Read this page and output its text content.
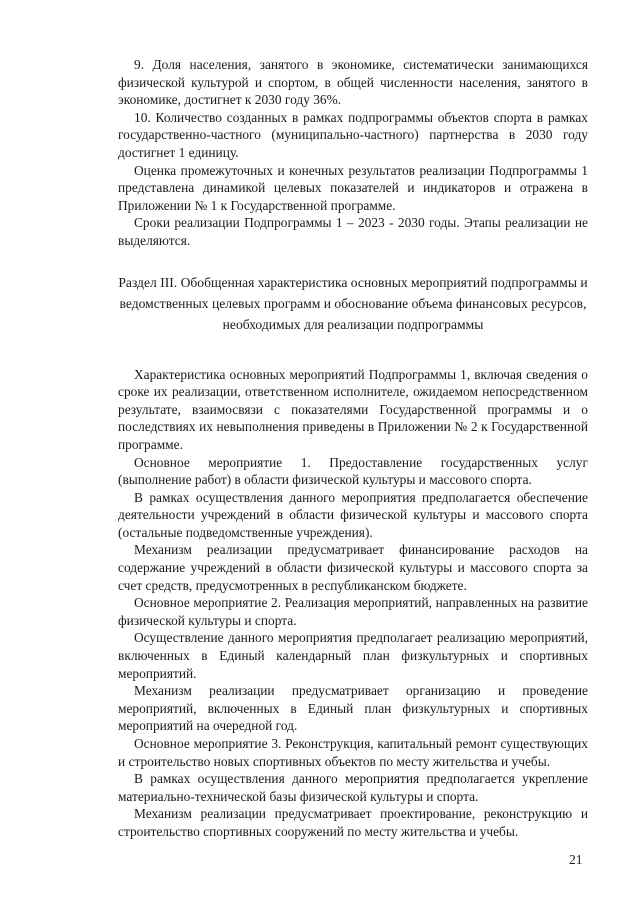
9. Доля населения, занятого в экономике, систематически занимающихся физической культурой и спортом, в общей численности населения, занятого в экономике, достигнет к 2030 году 36%.

10. Количество созданных в рамках подпрограммы объектов спорта в рамках государственно-частного (муниципально-частного) партнерства в 2030 году достигнет 1 единицу.

Оценка промежуточных и конечных результатов реализации Подпрограммы 1 представлена динамикой целевых показателей и индикаторов и отражена в Приложении № 1 к Государственной программе.

Сроки реализации Подпрограммы 1 – 2023 - 2030 годы. Этапы реализации не выделяются.

Раздел III. Обобщенная характеристика основных мероприятий подпрограммы и ведомственных целевых программ и обоснование объема финансовых ресурсов, необходимых для реализации подпрограммы

Характеристика основных мероприятий Подпрограммы 1, включая сведения о сроке их реализации, ответственном исполнителе, ожидаемом непосредственном результате, взаимосвязи с показателями Государственной программы и о последствиях их невыполнения приведены в Приложении № 2 к Государственной программе.

Основное мероприятие 1. Предоставление государственных услуг (выполнение работ) в области физической культуры и массового спорта.

В рамках осуществления данного мероприятия предполагается обеспечение деятельности учреждений в области физической культуры и массового спорта (остальные подведомственные учреждения).

Механизм реализации предусматривает финансирование расходов на содержание учреждений в области физической культуры и массового спорта за счет средств, предусмотренных в республиканском бюджете.

Основное мероприятие 2. Реализация мероприятий, направленных на развитие физической культуры и спорта.

Осуществление данного мероприятия предполагает реализацию мероприятий, включенных в Единый календарный план физкультурных и спортивных мероприятий.

Механизм реализации предусматривает организацию и проведение мероприятий, включенных в Единый план физкультурных и спортивных мероприятий на очередной год.

Основное мероприятие 3. Реконструкция, капитальный ремонт существующих и строительство новых спортивных объектов по месту жительства и учебы.

В рамках осуществления данного мероприятия предполагается укрепление материально-технической базы физической культуры и спорта.

Механизм реализации предусматривает проектирование, реконструкцию и строительство спортивных сооружений по месту жительства и учебы.

21
